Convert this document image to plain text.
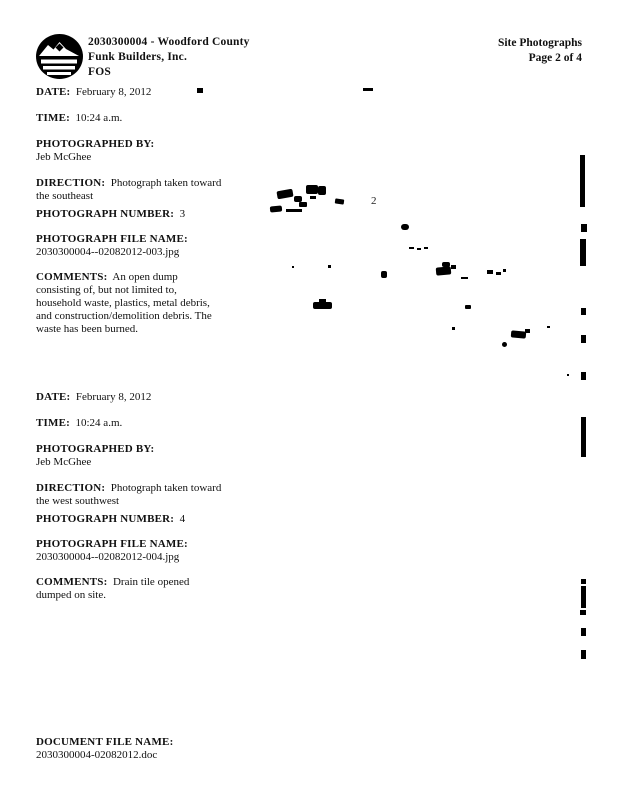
2030300004 - Woodford County
Funk Builders, Inc.
FOS
Site Photographs
Page 2 of 4

DATE: February 8, 2012

TIME: 10:24 a.m.

PHOTOGRAPHED BY:
Jeb McGhee

DIRECTION: Photograph taken toward the southeast

PHOTOGRAPH NUMBER: 3

PHOTOGRAPH FILE NAME:
2030300004--02082012-003.jpg

COMMENTS: An open dump consisting of, but not limited to, household waste, plastics, metal debris, and construction/demolition debris. The waste has been burned.

DATE: February 8, 2012

TIME: 10:24 a.m.

PHOTOGRAPHED BY:
Jeb McGhee

DIRECTION: Photograph taken toward the west southwest

PHOTOGRAPH NUMBER: 4

PHOTOGRAPH FILE NAME:
2030300004--02082012-004.jpg

COMMENTS: Drain tile opened dumped on site.

DOCUMENT FILE NAME:
2030300004-02082012.doc
2
